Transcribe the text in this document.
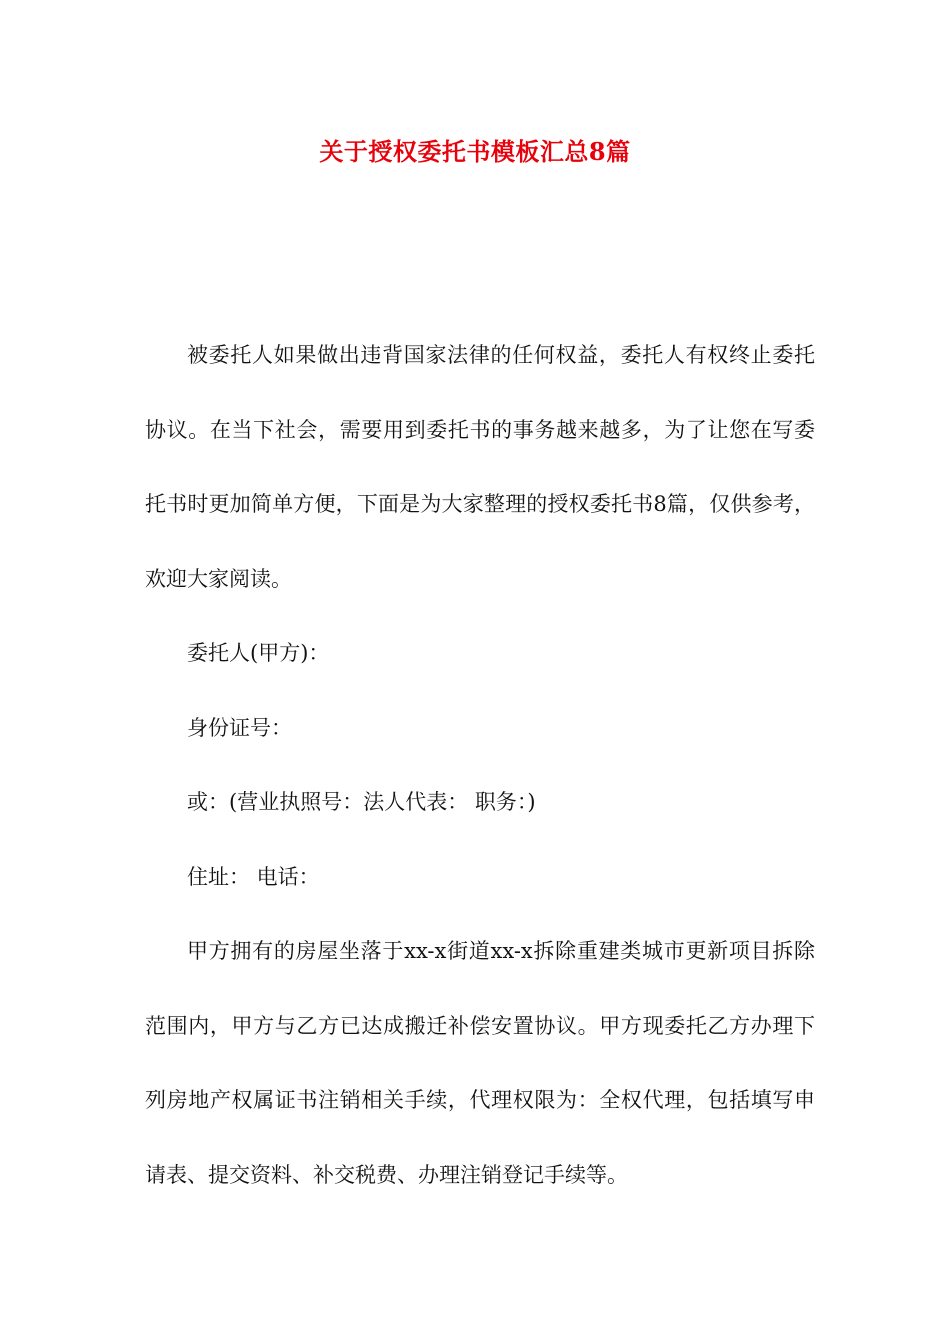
关于授权委托书模板汇总8篇

被委托人如果做出违背国家法律的任何权益，委托人有权终止委托协议。在当下社会，需要用到委托书的事务越来越多，为了让您在写委托书时更加简单方便，下面是为大家整理的授权委托书8篇，仅供参考，欢迎大家阅读。

委托人(甲方)：

身份证号：

或：(营业执照号：法人代表： 职务：)

住址： 电话：

甲方拥有的房屋坐落于xx-x街道xx-x拆除重建类城市更新项目拆除范围内，甲方与乙方已达成搬迁补偿安置协议。甲方现委托乙方办理下列房地产权属证书注销相关手续，代理权限为：全权代理，包括填写申请表、提交资料、补交税费、办理注销登记手续等。
